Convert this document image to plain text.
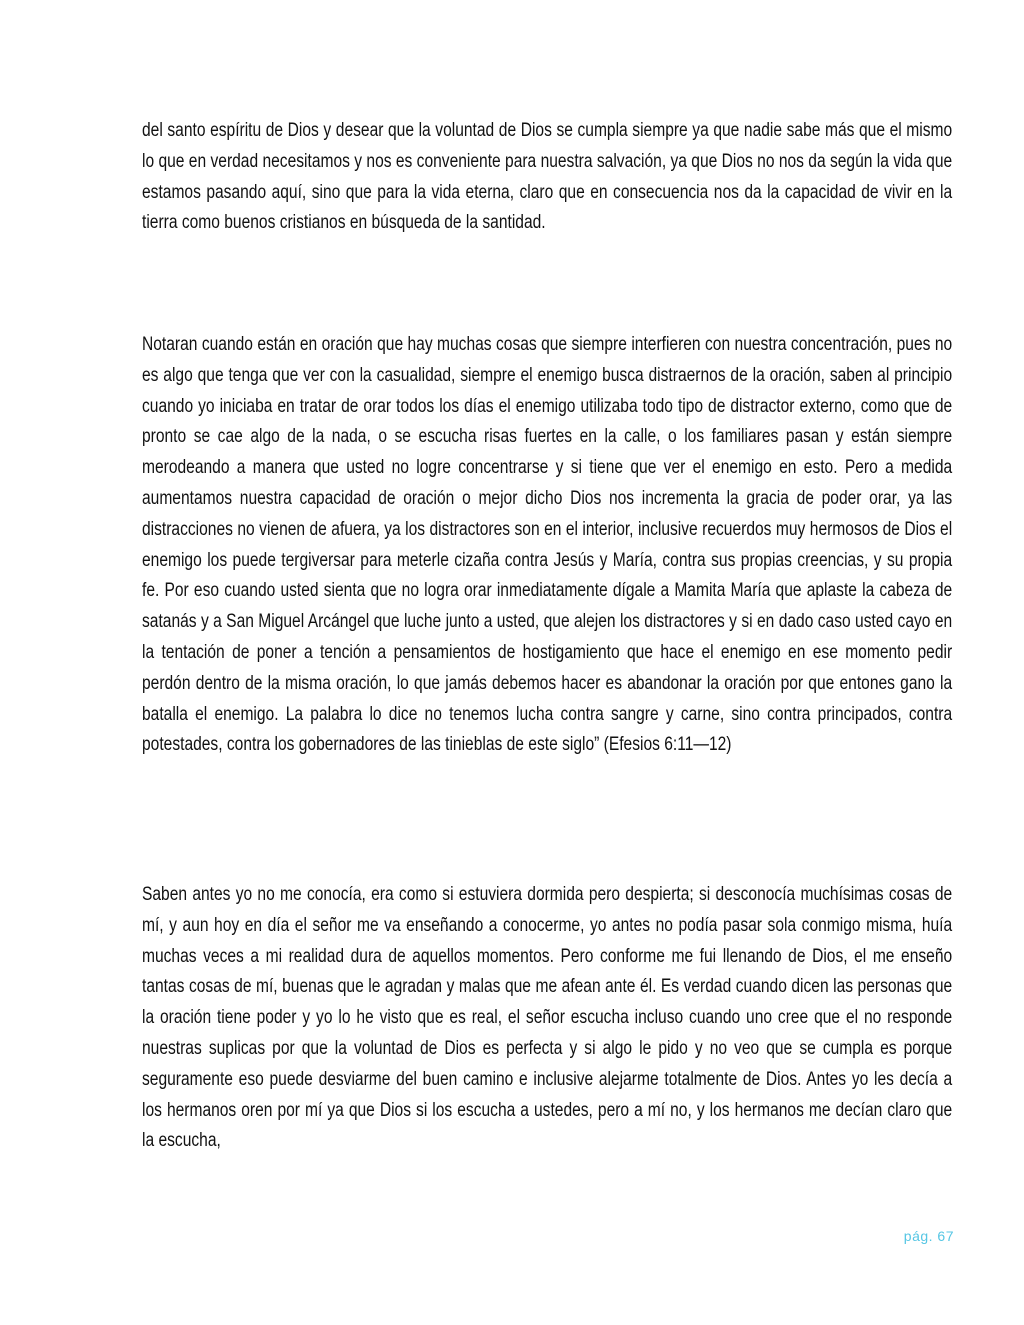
del santo espíritu de Dios y desear que la voluntad de Dios se cumpla siempre ya que nadie sabe más que el mismo lo que en verdad necesitamos y nos es conveniente para nuestra salvación, ya que Dios no nos da según la vida que estamos pasando aquí, sino que para la vida eterna, claro que en consecuencia nos da la capacidad de vivir en la tierra como buenos cristianos en búsqueda de la santidad.

Notaran cuando están en oración que hay muchas cosas que siempre interfieren con nuestra concentración, pues no es algo que tenga que ver con la casualidad, siempre el enemigo busca distraernos de la oración, saben al principio cuando yo iniciaba en tratar de orar todos los días el enemigo utilizaba todo tipo de distractor externo, como que de pronto se cae algo de la nada, o se escucha risas fuertes en la calle, o los familiares pasan y están siempre merodeando a manera que usted no logre concentrarse y si tiene que ver el enemigo en esto. Pero a medida aumentamos nuestra capacidad de oración o mejor dicho Dios nos incrementa la gracia de poder orar, ya las distracciones no vienen de afuera, ya los distractores son en el interior, inclusive recuerdos muy hermosos de Dios el enemigo los puede tergiversar para meterle cizaña contra Jesús y María, contra sus propias creencias, y su propia fe. Por eso cuando usted sienta que no logra orar inmediatamente dígale a Mamita María que aplaste la cabeza de satanás y a San Miguel Arcángel que luche junto a usted, que alejen los distractores y si en dado caso usted cayo en la tentación de poner a tención a pensamientos de hostigamiento que hace el enemigo en ese momento pedir perdón dentro de la misma oración, lo que jamás debemos hacer es abandonar la oración por que entones gano la batalla el enemigo. La palabra lo dice no tenemos lucha contra sangre y carne, sino contra principados, contra potestades, contra los gobernadores de las tinieblas de este siglo” (Efesios 6:11—12)

Saben antes yo no me conocía, era como si estuviera dormida pero despierta; si desconocía muchísimas cosas de mí, y aun hoy en día el señor me va enseñando a conocerme, yo antes no podía pasar sola conmigo misma, huía muchas veces a mi realidad dura de aquellos momentos. Pero conforme me fui llenando de Dios, el me enseño tantas cosas de mí, buenas que le agradan y malas que me afean ante él. Es verdad cuando dicen las personas que la oración tiene poder y yo lo he visto que es real, el señor escucha incluso cuando uno cree que el no responde nuestras suplicas por que la voluntad de Dios es perfecta y si algo le pido y no veo que se cumpla es porque seguramente eso puede desviarme del buen camino e inclusive alejarme totalmente de Dios. Antes yo les decía a los hermanos oren por mí ya que Dios si los escucha a ustedes, pero a mí no, y los hermanos me decían claro que la escucha,

pág. 67
